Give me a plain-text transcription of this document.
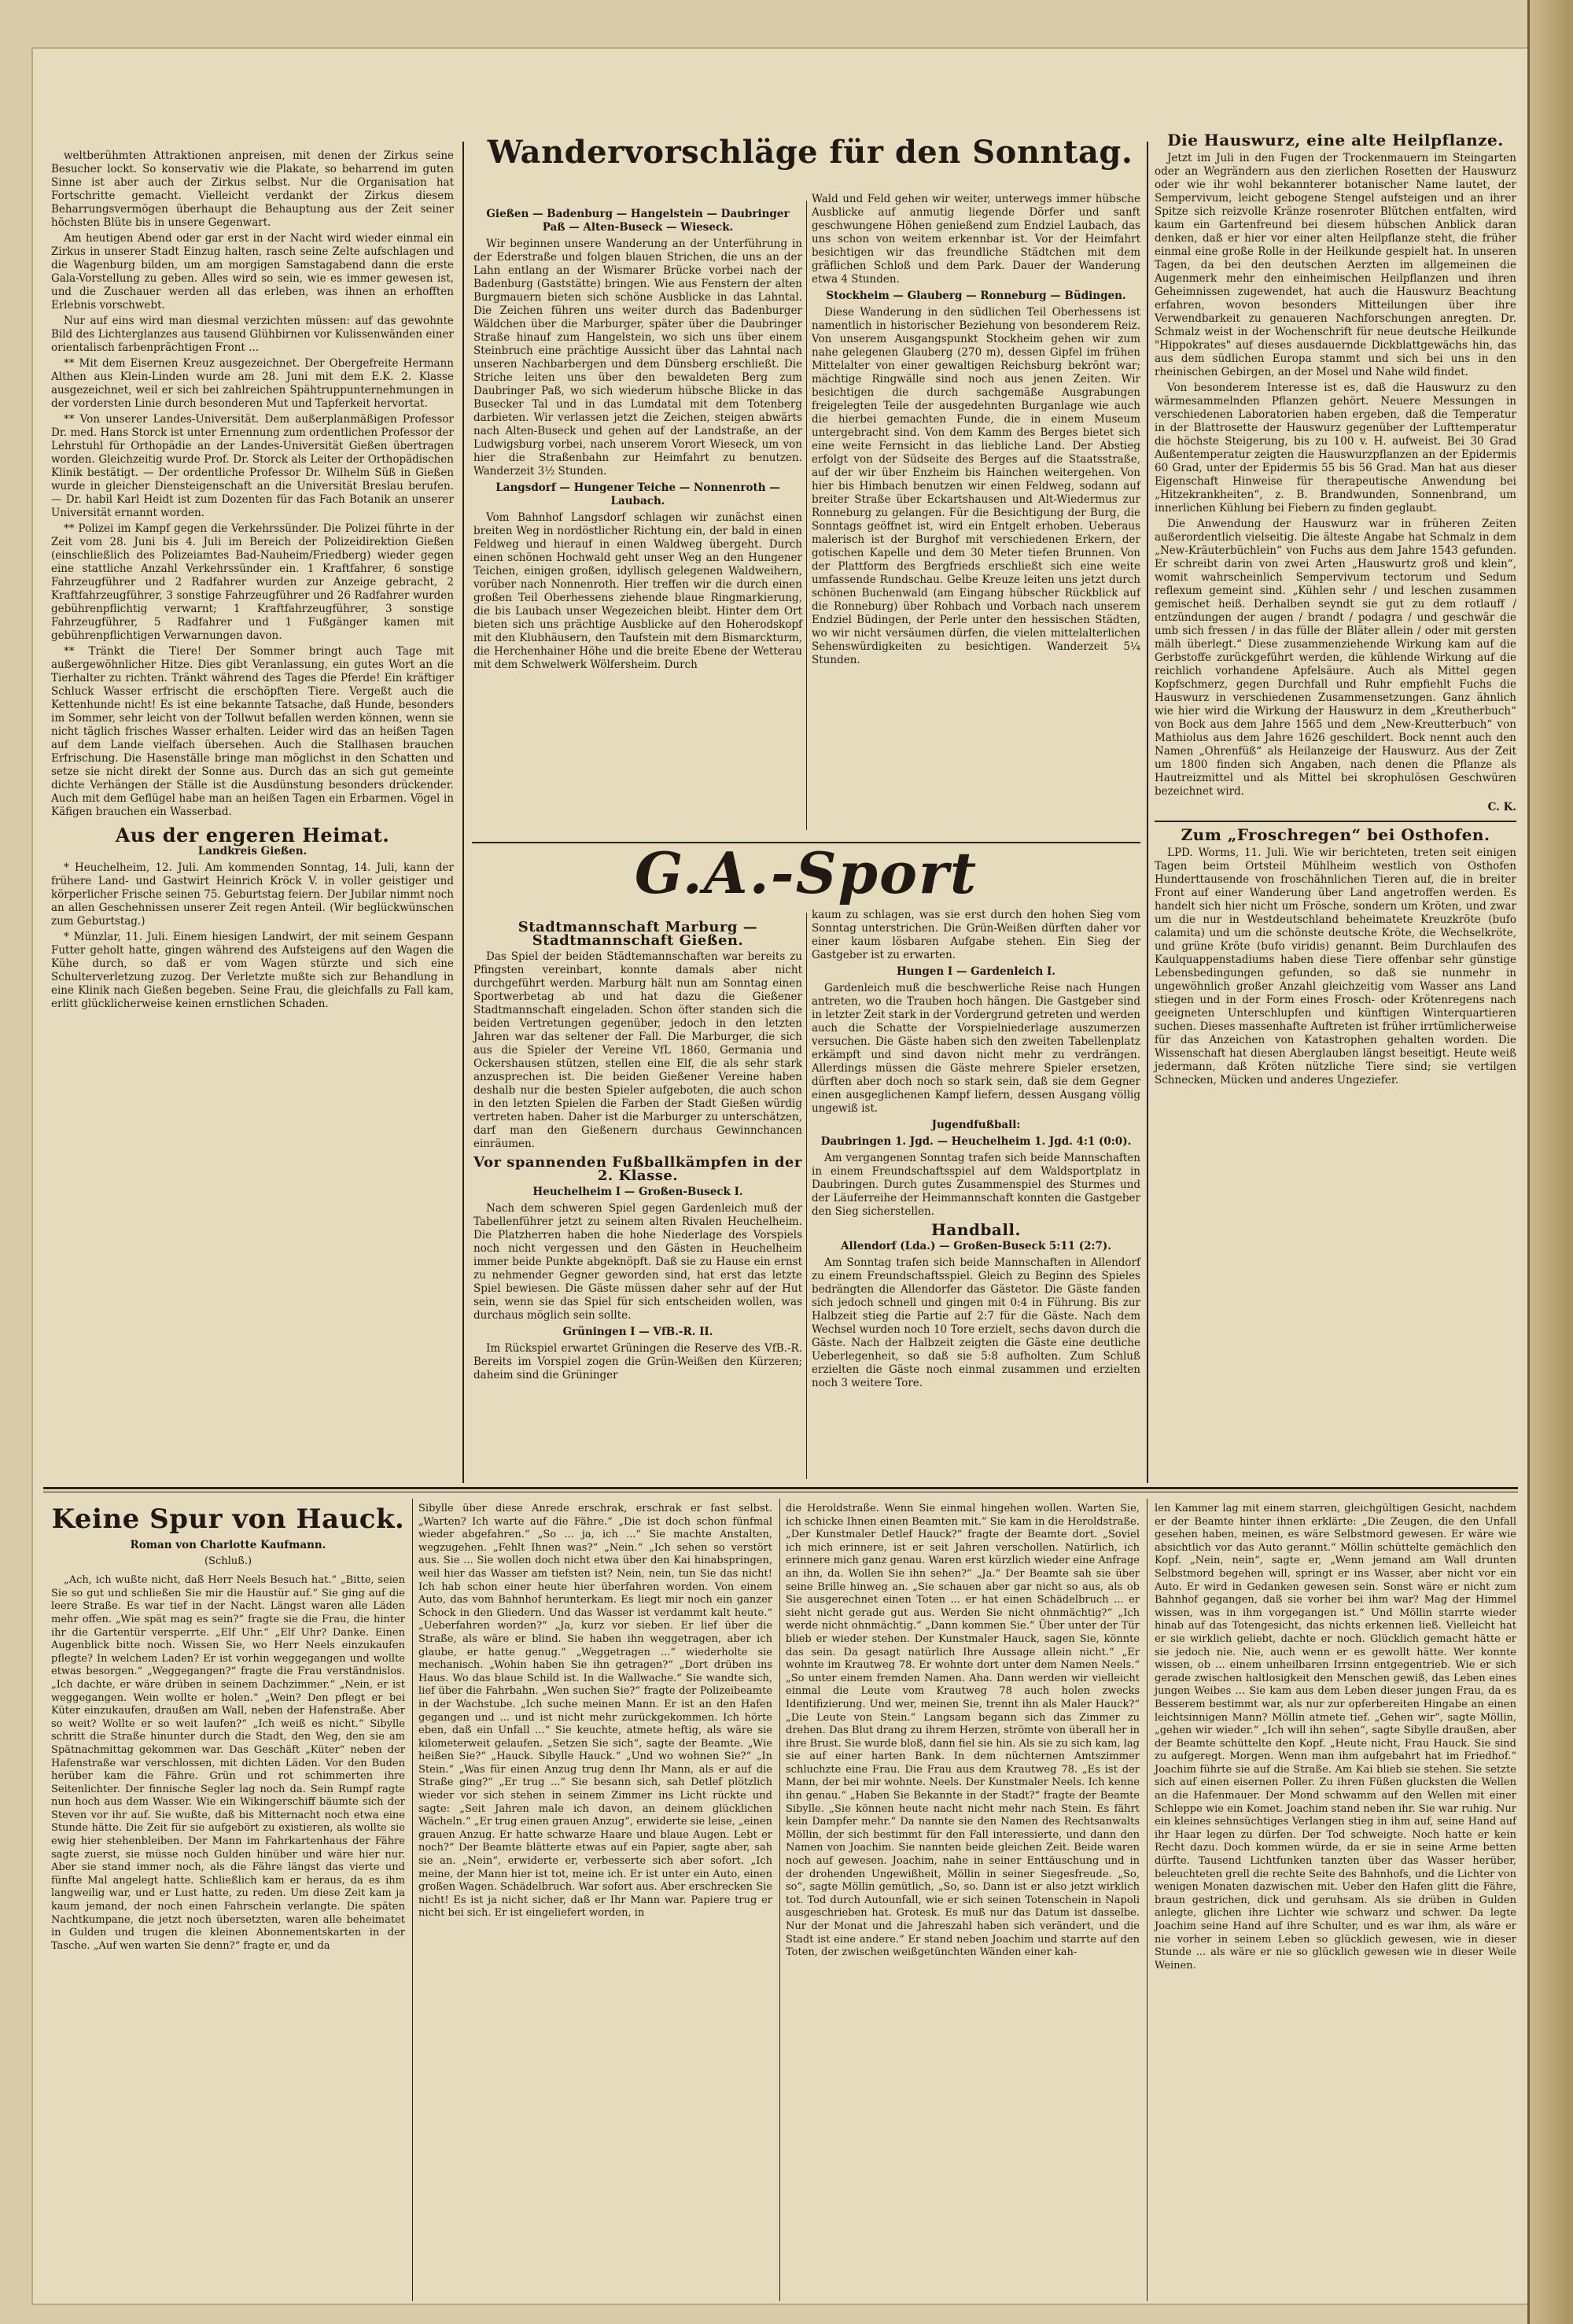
weltberühmten Attraktionen anpreisen, mit denen der Zirkus seine Besucher lockt. So konservativ wie die Plakate, so beharrend im guten Sinne ist aber auch der Zirkus selbst. Nur die Organisation hat Fortschritte gemacht. Vielleicht verdankt der Zirkus diesem Beharrungsvermögen überhaupt die Behauptung aus der Zeit seiner höchsten Blüte bis in unsere Gegenwart.

Am heutigen Abend oder gar erst in der Nacht wird wieder einmal ein Zirkus in unserer Stadt Einzug halten, rasch seine Zelte aufschlagen und die Wagenburg bilden, um am morgigen Samstagabend dann die erste Gala-Vorstellung zu geben. Alles wird so sein, wie es immer gewesen ist, und die Zuschauer werden all das erleben, was ihnen an erhofften Erlebnis vorschwebt.

Nur auf eins wird man diesmal verzichten müssen: auf das gewohnte Bild des Lichterglanzes aus tausend Glühbirnen vor Kulissenwänden einer orientalisch farbenprächtigen Front ...

** Mit dem Eisernen Kreuz ausgezeichnet. Der Obergefreite Hermann Althen aus Klein-Linden wurde am 28. Juni mit dem E.K. 2. Klasse ausgezeichnet, weil er sich bei zahlreichen Spähtruppunternehmungen in der vordersten Linie durch besonderen Mut und Tapferkeit hervortat.

** Von unserer Landes-Universität. Dem außerplanmäßigen Professor Dr. med. Hans Storck ist unter Ernennung zum ordentlichen Professor der Lehrstuhl für Orthopädie an der Landes-Universität Gießen übertragen worden. Gleichzeitig wurde Prof. Dr. Storck als Leiter der Orthopädischen Klinik bestätigt. — Der ordentliche Professor Dr. Wilhelm Süß in Gießen wurde in gleicher Diensteigenschaft an die Universität Breslau berufen. — Dr. habil Karl Heidt ist zum Dozenten für das Fach Botanik an unserer Universität ernannt worden.

** Polizei im Kampf gegen die Verkehrssünder. Die Polizei führte in der Zeit vom 28. Juni bis 4. Juli im Bereich der Polizeidirektion Gießen (einschließlich des Polizeiamtes Bad-Nauheim/Friedberg) wieder gegen eine stattliche Anzahl Verkehrssünder ein. 1 Kraftfahrer, 6 sonstige Fahrzeugführer und 2 Radfahrer wurden zur Anzeige gebracht, 2 Kraftfahrzeugführer, 3 sonstige Fahrzeugführer und 26 Radfahrer wurden gebührenpflichtig verwarnt; 1 Kraftfahrzeugführer, 3 sonstige Fahrzeugführer, 5 Radfahrer und 1 Fußgänger kamen mit gebührenpflichtigen Verwarnungen davon.

** Tränkt die Tiere! Der Sommer bringt auch Tage mit außergewöhnlicher Hitze. Dies gibt Veranlassung, ein gutes Wort an die Tierhalter zu richten. Tränkt während des Tages die Pferde! Ein kräftiger Schluck Wasser erfrischt die erschöpften Tiere. Vergeßt auch die Kettenhunde nicht! Es ist eine bekannte Tatsache, daß Hunde, besonders im Sommer, sehr leicht von der Tollwut befallen werden können, wenn sie nicht täglich frisches Wasser erhalten. Leider wird das an heißen Tagen auf dem Lande vielfach übersehen. Auch die Stallhasen brauchen Erfrischung. Die Hasenställe bringe man möglichst in den Schatten und setze sie nicht direkt der Sonne aus. Durch das an sich gut gemeinte dichte Verhängen der Ställe ist die Ausdünstung besonders drückender. Auch mit dem Geflügel habe man an heißen Tagen ein Erbarmen. Vögel in Käfigen brauchen ein Wasserbad.

Aus der engeren Heimat.
Landkreis Gießen.

* Heuchelheim, 12. Juli. Am kommenden Sonntag, 14. Juli, kann der frühere Land- und Gastwirt Heinrich Kröck V. in voller geistiger und körperlicher Frische seinen 75. Geburtstag feiern. Der Jubilar nimmt noch an allen Geschehnissen unserer Zeit regen Anteil. (Wir beglückwünschen zum Geburtstag.)

* Münzlar, 11. Juli. Einem hiesigen Landwirt, der mit seinem Gespann Futter geholt hatte, gingen während des Aufsteigens auf den Wagen die Kühe durch, so daß er vom Wagen stürzte und sich eine Schulterverletzung zuzog. Der Verletzte mußte sich zur Behandlung in eine Klinik nach Gießen begeben. Seine Frau, die gleichfalls zu Fall kam, erlitt glücklicherweise keinen ernstlichen Schaden.

Wandervorschläge für den Sonntag.
Gießen — Badenburg — Hangelstein — Daubringer Paß — Alten-Buseck — Wieseck.

Wir beginnen unsere Wanderung an der Unterführung in der Ederstraße und folgen blauen Strichen, die uns an der Lahn entlang an der Wismarer Brücke vorbei nach der Badenburg (Gaststätte) bringen. Wie aus Fenstern der alten Burgmauern bieten sich schöne Ausblicke in das Lahntal. Die Zeichen führen uns weiter durch das Badenburger Wäldchen über die Marburger, später über die Daubringer Straße hinauf zum Hangelstein, wo sich uns über einem Steinbruch eine prächtige Aussicht über das Lahntal nach unseren Nachbarbergen und dem Dünsberg erschließt. Die Striche leiten uns über den bewaldeten Berg zum Daubringer Paß, wo sich wiederum hübsche Blicke in das Busecker Tal und in das Lumdatal mit dem Totenberg darbieten. Wir verlassen jetzt die Zeichen, steigen abwärts nach Alten-Buseck und gehen auf der Landstraße, an der Ludwigsburg vorbei, nach unserem Vorort Wieseck, um von hier die Straßenbahn zur Heimfahrt zu benutzen. Wanderzeit 3½ Stunden.

Langsdorf — Hungener Teiche — Nonnenroth — Laubach.

Vom Bahnhof Langsdorf schlagen wir zunächst einen breiten Weg in nordöstlicher Richtung ein, der bald in einen Feldweg und hierauf in einen Waldweg übergeht. Durch einen schönen Hochwald geht unser Weg an den Hungener Teichen, einigen großen, idyllisch gelegenen Waldweihern, vorüber nach Nonnenroth. Hier treffen wir die durch einen großen Teil Oberhessens ziehende blaue Ringmarkierung, die bis Laubach unser Wegezeichen bleibt. Hinter dem Ort bieten sich uns prächtige Ausblicke auf den Hoherodskopf mit den Klubhäusern, den Taufstein mit dem Bismarckturm, die Herchenhainer Höhe und die breite Ebene der Wetterau mit dem Schwelwerk Wölfersheim. Durch

Wald und Feld gehen wir weiter, unterwegs immer hübsche Ausblicke auf anmutig liegende Dörfer und sanft geschwungene Höhen genießend zum Endziel Laubach, das uns schon von weitem erkennbar ist. Vor der Heimfahrt besichtigen wir das freundliche Städtchen mit dem gräflichen Schloß und dem Park. Dauer der Wanderung etwa 4 Stunden.

Stockheim — Glauberg — Ronneburg — Büdingen.

Diese Wanderung in den südlichen Teil Oberhessens ist namentlich in historischer Beziehung von besonderem Reiz. Von unserem Ausgangspunkt Stockheim gehen wir zum nahe gelegenen Glauberg (270 m), dessen Gipfel im frühen Mittelalter von einer gewaltigen Reichsburg bekrönt war; mächtige Ringwälle sind noch aus jenen Zeiten. Wir besichtigen die durch sachgemäße Ausgrabungen freigelegten Teile der ausgedehnten Burganlage wie auch die hierbei gemachten Funde, die in einem Museum untergebracht sind. Von dem Kamm des Berges bietet sich eine weite Fernsicht in das liebliche Land. Der Abstieg erfolgt von der Südseite des Berges auf die Staatsstraße, auf der wir über Enzheim bis Hainchen weitergehen. Von hier bis Himbach benutzen wir einen Feldweg, sodann auf breiter Straße über Eckartshausen und Alt-Wiedermus zur Ronneburg zu gelangen. Für die Besichtigung der Burg, die Sonntags geöffnet ist, wird ein Entgelt erhoben. Ueberaus malerisch ist der Burghof mit verschiedenen Erkern, der gotischen Kapelle und dem 30 Meter tiefen Brunnen. Von der Plattform des Bergfrieds erschließt sich eine weite umfassende Rundschau. Gelbe Kreuze leiten uns jetzt durch schönen Buchenwald (am Eingang hübscher Rückblick auf die Ronneburg) über Rohbach und Vorbach nach unserem Endziel Büdingen, der Perle unter den hessischen Städten, wo wir nicht versäumen dürfen, die vielen mittelalterlichen Sehenswürdigkeiten zu besichtigen. Wanderzeit 5¼ Stunden.

Die Hauswurz, eine alte Heilpflanze.

Jetzt im Juli in den Fugen der Trockenmauern im Steingarten oder an Wegrändern aus den zierlichen Rosetten der Hauswurz oder wie ihr wohl bekannterer botanischer Name lautet, der Sempervivum, leicht gebogene Stengel aufsteigen und an ihrer Spitze sich reizvolle Kränze rosenroter Blütchen entfalten, wird kaum ein Gartenfreund bei diesem hübschen Anblick daran denken, daß er hier vor einer alten Heilpflanze steht, die früher einmal eine große Rolle in der Heilkunde gespielt hat. In unseren Tagen, da bei den deutschen Aerzten im allgemeinen die Augenmerk mehr den einheimischen Heilpflanzen und ihren Geheimnissen zugewendet, hat auch die Hauswurz Beachtung erfahren, wovon besonders Mitteilungen über ihre Verwendbarkeit zu genaueren Nachforschungen anregten. Dr. Schmalz weist in der Wochenschrift für neue deutsche Heilkunde "Hippokrates" auf dieses ausdauernde Dickblattgewächs hin, das aus dem südlichen Europa stammt und sich bei uns in den rheinischen Gebirgen, an der Mosel und Nahe wild findet.

Von besonderem Interesse ist es, daß die Hauswurz zu den wärmesammelnden Pflanzen gehört. Neuere Messungen in verschiedenen Laboratorien haben ergeben, daß die Temperatur in der Blattrosette der Hauswurz gegenüber der Lufttemperatur die höchste Steigerung, bis zu 100 v. H. aufweist. Bei 30 Grad Außentemperatur zeigten die Hauswurzpflanzen an der Epidermis 60 Grad, unter der Epidermis 55 bis 56 Grad. Man hat aus dieser Eigenschaft Hinweise für therapeutische Anwendung bei „Hitzekrankheiten“, z. B. Brandwunden, Sonnenbrand, um innerlichen Kühlung bei Fiebern zu finden geglaubt.

Die Anwendung der Hauswurz war in früheren Zeiten außerordentlich vielseitig. Die älteste Angabe hat Schmalz in dem „New-Kräuterbüchlein“ von Fuchs aus dem Jahre 1543 gefunden. Er schreibt darin von zwei Arten „Hauswurtz groß und klein“, womit wahrscheinlich Sempervivum tectorum und Sedum reflexum gemeint sind. „Kühlen sehr / und leschen zusammen gemischet heiß. Derhalben seyndt sie gut zu dem rotlauff / entzündungen der augen / brandt / podagra / und geschwär die umb sich fressen / in das fülle der Bläter allein / oder mit gersten mälh überlegt.“ Diese zusammenziehende Wirkung kam auf die Gerbstoffe zurückgeführt werden, die kühlende Wirkung auf die reichlich vorhandene Apfelsäure. Auch als Mittel gegen Kopfschmerz, gegen Durchfall und Ruhr empfiehlt Fuchs die Hauswurz in verschiedenen Zusammensetzungen. Ganz ähnlich wie hier wird die Wirkung der Hauswurz in dem „Kreutherbuch“ von Bock aus dem Jahre 1565 und dem „New-Kreutterbuch“ von Mathiolus aus dem Jahre 1626 geschildert. Bock nennt auch den Namen „Ohrenfüß“ als Heilanzeige der Hauswurz. Aus der Zeit um 1800 finden sich Angaben, nach denen die Pflanze als Hautreizmittel und als Mittel bei skrophulösen Geschwüren bezeichnet wird.

C. K.
Zum „Froschregen“ bei Osthofen.

LPD. Worms, 11. Juli. Wie wir berichteten, treten seit einigen Tagen beim Ortsteil Mühlheim westlich von Osthofen Hunderttausende von froschähnlichen Tieren auf, die in breiter Front auf einer Wanderung über Land angetroffen werden. Es handelt sich hier nicht um Frösche, sondern um Kröten, und zwar um die nur in Westdeutschland beheimatete Kreuzkröte (bufo calamita) und um die schönste deutsche Kröte, die Wechselkröte, und grüne Kröte (bufo viridis) genannt. Beim Durchlaufen des Kaulquappenstadiums haben diese Tiere offenbar sehr günstige Lebensbedingungen gefunden, so daß sie nunmehr in ungewöhnlich großer Anzahl gleichzeitig vom Wasser ans Land stiegen und in der Form eines Frosch- oder Krötenregens nach geeigneten Unterschlupfen und künftigen Winterquartieren suchen. Dieses massenhafte Auftreten ist früher irrtümlicherweise für das Anzeichen von Katastrophen gehalten worden. Die Wissenschaft hat diesen Aberglauben längst beseitigt. Heute weiß jedermann, daß Kröten nützliche Tiere sind; sie vertilgen Schnecken, Mücken und anderes Ungeziefer.

G.A.-Sport
Stadtmannschaft Marburg — Stadtmannschaft Gießen.

Das Spiel der beiden Städtemannschaften war bereits zu Pfingsten vereinbart, konnte damals aber nicht durchgeführt werden. Marburg hält nun am Sonntag einen Sportwerbetag ab und hat dazu die Gießener Stadtmannschaft eingeladen. Schon öfter standen sich die beiden Vertretungen gegenüber, jedoch in den letzten Jahren war das seltener der Fall. Die Marburger, die sich aus die Spieler der Vereine VfL 1860, Germania und Ockershausen stützen, stellen eine Elf, die als sehr stark anzusprechen ist. Die beiden Gießener Vereine haben deshalb nur die besten Spieler aufgeboten, die auch schon in den letzten Spielen die Farben der Stadt Gießen würdig vertreten haben. Daher ist die Marburger zu unterschätzen, darf man den Gießenern durchaus Gewinnchancen einräumen.

Vor spannenden Fußballkämpfen in der 2. Klasse.
Heuchelheim I — Großen-Buseck I.

Nach dem schweren Spiel gegen Gardenleich muß der Tabellenführer jetzt zu seinem alten Rivalen Heuchelheim. Die Platzherren haben die hohe Niederlage des Vorspiels noch nicht vergessen und den Gästen in Heuchelheim immer beide Punkte abgeknöpft. Daß sie zu Hause ein ernst zu nehmender Gegner geworden sind, hat erst das letzte Spiel bewiesen. Die Gäste müssen daher sehr auf der Hut sein, wenn sie das Spiel für sich entscheiden wollen, was durchaus möglich sein sollte.

Grüningen I — VfB.-R. II.

Im Rückspiel erwartet Grüningen die Reserve des VfB.-R. Bereits im Vorspiel zogen die Grün-Weißen den Kürzeren; daheim sind die Grüninger

kaum zu schlagen, was sie erst durch den hohen Sieg vom Sonntag unterstrichen. Die Grün-Weißen dürften daher vor einer kaum lösbaren Aufgabe stehen. Ein Sieg der Gastgeber ist zu erwarten.

Hungen I — Gardenleich I.

Gardenleich muß die beschwerliche Reise nach Hungen antreten, wo die Trauben hoch hängen. Die Gastgeber sind in letzter Zeit stark in der Vordergrund getreten und werden auch die Schatte der Vorspielniederlage auszumerzen versuchen. Die Gäste haben sich den zweiten Tabellenplatz erkämpft und sind davon nicht mehr zu verdrängen. Allerdings müssen die Gäste mehrere Spieler ersetzen, dürften aber doch noch so stark sein, daß sie dem Gegner einen ausgeglichenen Kampf liefern, dessen Ausgang völlig ungewiß ist.

Jugendfußball:
Daubringen 1. Jgd. — Heuchelheim 1. Jgd. 4:1 (0:0).

Am vergangenen Sonntag trafen sich beide Mannschaften in einem Freundschaftsspiel auf dem Waldsportplatz in Daubringen. Durch gutes Zusammenspiel des Sturmes und der Läuferreihe der Heimmannschaft konnten die Gastgeber den Sieg sicherstellen.

Handball.
Allendorf (Lda.) — Großen-Buseck 5:11 (2:7).

Am Sonntag trafen sich beide Mannschaften in Allendorf zu einem Freundschaftsspiel. Gleich zu Beginn des Spieles bedrängten die Allendorfer das Gästetor. Die Gäste fanden sich jedoch schnell und gingen mit 0:4 in Führung. Bis zur Halbzeit stieg die Partie auf 2:7 für die Gäste. Nach dem Wechsel wurden noch 10 Tore erzielt, sechs davon durch die Gäste. Nach der Halbzeit zeigten die Gäste eine deutliche Ueberlegenheit, so daß sie 5:8 aufholten. Zum Schluß erzielten die Gäste noch einmal zusammen und erzielten noch 3 weitere Tore.

Keine Spur von Hauck.
Roman von Charlotte Kaufmann.
(Schluß.)

„Ach, ich wußte nicht, daß Herr Neels Besuch hat.“ „Bitte, seien Sie so gut und schließen Sie mir die Haustür auf.“ Sie ging auf die leere Straße. Es war tief in der Nacht. Längst waren alle Läden mehr offen. „Wie spät mag es sein?“ fragte sie die Frau, die hinter ihr die Gartentür versperrte. „Elf Uhr.“ „Elf Uhr? Danke. Einen Augenblick bitte noch. Wissen Sie, wo Herr Neels einzukaufen pflegte? In welchem Laden? Er ist vorhin weggegangen und wollte etwas besorgen.“ „Weggegangen?“ fragte die Frau verständnislos. „Ich dachte, er wäre drüben in seinem Dachzimmer.“ „Nein, er ist weggegangen. Wein wollte er holen.“ „Wein? Den pflegt er bei Küter einzukaufen, draußen am Wall, neben der Hafenstraße. Aber so weit? Wollte er so weit laufen?“ „Ich weiß es nicht.“ Sibylle schritt die Straße hinunter durch die Stadt, den Weg, den sie am Spätnachmittag gekommen war. Das Geschäft „Küter“ neben der Hafenstraße war verschlossen, mit dichten Läden. Vor den Buden herüber kam die Fähre. Grün und rot schimmerten ihre Seitenlichter. Der finnische Segler lag noch da. Sein Rumpf ragte nun hoch aus dem Wasser. Wie ein Wikingerschiff bäumte sich der Steven vor ihr auf. Sie wußte, daß bis Mitternacht noch etwa eine Stunde hätte. Die Zeit für sie aufgebört zu existieren, als wollte sie ewig hier stehenbleiben. Der Mann im Fahrkartenhaus der Fähre sagte zuerst, sie müsse noch Gulden hinüber und wäre hier nur. Aber sie stand immer noch, als die Fähre längst das vierte und fünfte Mal angelegt hatte. Schließlich kam er heraus, da es ihm langweilig war, und er Lust hatte, zu reden. Um diese Zeit kam ja kaum jemand, der noch einen Fahrschein verlangte. Die späten Nachtkumpane, die jetzt noch übersetzten, waren alle beheimatet in Gulden und trugen die kleinen Abonnementskarten in der Tasche. „Auf wen warten Sie denn?“ fragte er, und da

Sibylle über diese Anrede erschrak, erschrak er fast selbst. „Warten? Ich warte auf die Fähre.“ „Die ist doch schon fünfmal wieder abgefahren.“ „So ... ja, ich ...“ Sie machte Anstalten, wegzugehen. „Fehlt Ihnen was?“ „Nein.“ „Ich sehen so verstört aus. Sie ... Sie wollen doch nicht etwa über den Kai hinabspringen, weil hier das Wasser am tiefsten ist? Nein, nein, tun Sie das nicht! Ich hab schon einer heute hier überfahren worden. Von einem Auto, das vom Bahnhof herunterkam. Es liegt mir noch ein ganzer Schock in den Gliedern. Und das Wasser ist verdammt kalt heute.“ „Ueberfahren worden?“ „Ja, kurz vor sieben. Er lief über die Straße, als wäre er blind. Sie haben ihn weggetragen, aber ich glaube, er hatte genug.“ „Weggetragen ...“ wiederholte sie mechanisch. „Wohin haben Sie ihn getragen?“ „Dort drüben ins Haus. Wo das blaue Schild ist. In die Wallwache.“ Sie wandte sich, lief über die Fahrbahn. „Wen suchen Sie?“ fragte der Polizeibeamte in der Wachstube. „Ich suche meinen Mann. Er ist an den Hafen gegangen und ... und ist nicht mehr zurückgekommen. Ich hörte eben, daß ein Unfall ...“ Sie keuchte, atmete heftig, als wäre sie kilometerweit gelaufen. „Setzen Sie sich“, sagte der Beamte. „Wie heißen Sie?“ „Hauck. Sibylle Hauck.“ „Und wo wohnen Sie?“ „In Stein.“ „Was für einen Anzug trug denn Ihr Mann, als er auf die Straße ging?“ „Er trug ...“ Sie besann sich, sah Detlef plötzlich wieder vor sich stehen in seinem Zimmer ins Licht rückte und sagte: „Seit Jahren male ich davon, an deinem glücklichen Wächeln.“ „Er trug einen grauen Anzug“, erwiderte sie leise, „einen grauen Anzug. Er hatte schwarze Haare und blaue Augen. Lebt er noch?“ Der Beamte blätterte etwas auf ein Papier, sagte aber, sah sie an. „Nein“, erwiderte er, verbesserte sich aber sofort. „Ich meine, der Mann hier ist tot, meine ich. Er ist unter ein Auto, einen großen Wagen. Schädelbruch. War sofort aus. Aber erschrecken Sie nicht! Es ist ja nicht sicher, daß er Ihr Mann war. Papiere trug er nicht bei sich. Er ist eingeliefert worden, in

die Heroldstraße. Wenn Sie einmal hingehen wollen. Warten Sie, ich schicke Ihnen einen Beamten mit.“ Sie kam in die Heroldstraße. „Der Kunstmaler Detlef Hauck?“ fragte der Beamte dort. „Soviel ich mich erinnere, ist er seit Jahren verschollen. Natürlich, ich erinnere mich ganz genau. Waren erst kürzlich wieder eine Anfrage an ihn, da. Wollen Sie ihn sehen?“ „Ja.“ Der Beamte sah sie über seine Brille hinweg an. „Sie schauen aber gar nicht so aus, als ob Sie ausgerechnet einen Toten ... er hat einen Schädelbruch ... er sieht nicht gerade gut aus. Werden Sie nicht ohnmächtig?“ „Ich werde nicht ohnmächtig.“ „Dann kommen Sie.“ Über unter der Tür blieb er wieder stehen. Der Kunstmaler Hauck, sagen Sie, könnte das sein. Da gesagt natürlich Ihre Aussage allein nicht.“ „Er wohnte im Krautweg 78. Er wohnte dort unter dem Namen Neels.“ „So unter einem fremden Namen. Aha. Dann werden wir vielleicht einmal die Leute vom Krautweg 78 auch holen zwecks Identifizierung. Und wer, meinen Sie, trennt ihn als Maler Hauck?“ „Die Leute von Stein.“ Langsam begann sich das Zimmer zu drehen. Das Blut drang zu ihrem Herzen, strömte von überall her in ihre Brust. Sie wurde bloß, dann fiel sie hin. Als sie zu sich kam, lag sie auf einer harten Bank. In dem nüchternen Amtszimmer schluchzte eine Frau. Die Frau aus dem Krautweg 78. „Es ist der Mann, der bei mir wohnte. Neels. Der Kunstmaler Neels. Ich kenne ihn genau.“ „Haben Sie Bekannte in der Stadt?“ fragte der Beamte Sibylle. „Sie können heute nacht nicht mehr nach Stein. Es fährt kein Dampfer mehr.“ Da nannte sie den Namen des Rechtsanwalts Möllin, der sich bestimmt für den Fall interessierte, und dann den Namen von Joachim. Sie nannten beide gleichen Zeit. Beide waren noch auf gewesen. Joachim, nahe in seiner Enttäuschung und in der drohenden Ungewißheit, Möllin in seiner Siegesfreude. „So, so“, sagte Möllin gemütlich, „So, so. Dann ist er also jetzt wirklich tot. Tod durch Autounfall, wie er sich seinen Totenschein in Napoli ausgeschrieben hat. Grotesk. Es muß nur das Datum ist dasselbe. Nur der Monat und die Jahreszahl haben sich verändert, und die Stadt ist eine andere.“ Er stand neben Joachim und starrte auf den Toten, der zwischen weißgetünchten Wänden einer kah-

len Kammer lag mit einem starren, gleichgültigen Gesicht, nachdem er der Beamte hinter ihnen erklärte: „Die Zeugen, die den Unfall gesehen haben, meinen, es wäre Selbstmord gewesen. Er wäre wie absichtlich vor das Auto gerannt.“ Möllin schüttelte gemächlich den Kopf. „Nein, nein“, sagte er, „Wenn jemand am Wall drunten Selbstmord begehen will, springt er ins Wasser, aber nicht vor ein Auto. Er wird in Gedanken gewesen sein. Sonst wäre er nicht zum Bahnhof gegangen, daß sie vorher bei ihm war? Mag der Himmel wissen, was in ihm vorgegangen ist.“ Und Möllin starrte wieder hinab auf das Totengesicht, das nichts erkennen ließ. Vielleicht hat er sie wirklich geliebt, dachte er noch. Glücklich gemacht hätte er sie jedoch nie. Nie, auch wenn er es gewollt hätte. Wer konnte wissen, ob ... einem unheilbaren Irrsinn entgegentrieb. Wie er sich gerade zwischen haltlosigkeit den Menschen gewiß, das Leben eines jungen Weibes ... Sie kam aus dem Leben dieser jungen Frau, da es Besserem bestimmt war, als nur zur opferbereiten Hingabe an einen leichtsinnigen Mann? Möllin atmete tief. „Gehen wir“, sagte Möllin, „gehen wir wieder.“ „Ich will ihn sehen“, sagte Sibylle draußen, aber der Beamte schüttelte den Kopf. „Heute nicht, Frau Hauck. Sie sind zu aufgeregt. Morgen. Wenn man ihm aufgebahrt hat im Friedhof.“ Joachim führte sie auf die Straße. Am Kai blieb sie stehen. Sie setzte sich auf einen eisernen Poller. Zu ihren Füßen glucksten die Wellen an die Hafenmauer. Der Mond schwamm auf den Wellen mit einer Schleppe wie ein Komet. Joachim stand neben ihr. Sie war ruhig. Nur ein kleines sehnsüchtiges Verlangen stieg in ihm auf, seine Hand auf ihr Haar legen zu dürfen. Der Tod schweigte. Noch hatte er kein Recht dazu. Doch kommen würde, da er sie in seine Arme betten dürfte. Tausend Lichtfunken tanzten über das Wasser herüber, beleuchteten grell die rechte Seite des Bahnhofs, und die Lichter von wenigen Monaten dazwischen mit. Ueber den Hafen glitt die Fähre, braun gestrichen, dick und geruhsam. Als sie drüben in Gulden anlegte, glichen ihre Lichter wie schwarz und schwer. Da legte Joachim seine Hand auf ihre Schulter, und es war ihm, als wäre er nie vorher in seinem Leben so glücklich gewesen, wie in dieser Stunde ... als wäre er nie so glücklich gewesen wie in dieser Weile Weinen.
